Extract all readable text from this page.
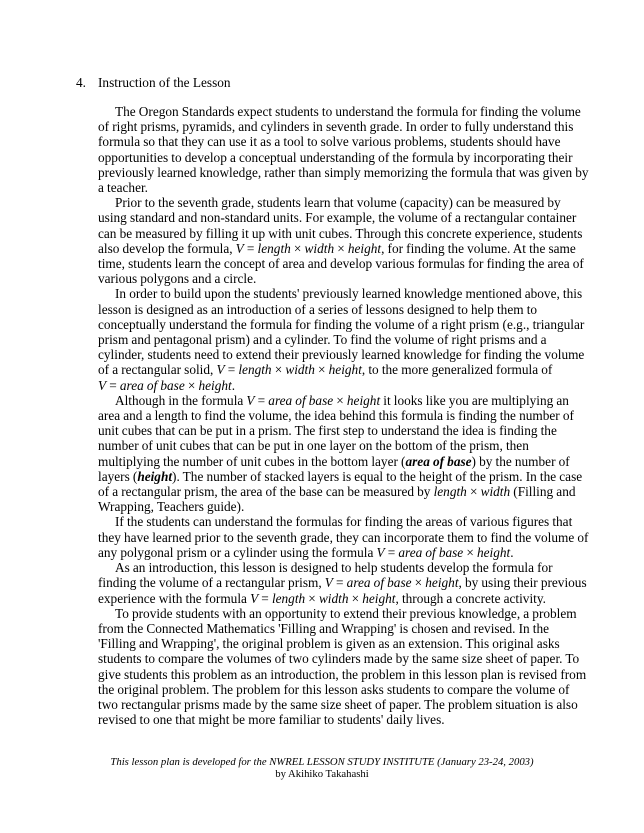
4. Instruction of the Lesson

The Oregon Standards expect students to understand the formula for finding the volume
of right prisms, pyramids, and cylinders in seventh grade. In order to fully understand this
formula so that they can use it as a tool to solve various problems, students should have
opportunities to develop a conceptual understanding of the formula by incorporating their
previously learned knowledge, rather than simply memorizing the formula that was given by
a teacher.

Prior to the seventh grade, students learn that volume (capacity) can be measured by
using standard and non-standard units. For example, the volume of a rectangular container
can be measured by filling it up with unit cubes. Through this concrete experience, students
also develop the formula, V = length × width × height, for finding the volume. At the same
time, students learn the concept of area and develop various formulas for finding the area of
various polygons and a circle.

In order to build upon the students' previously learned knowledge mentioned above, this
lesson is designed as an introduction of a series of lessons designed to help them to
conceptually understand the formula for finding the volume of a right prism (e.g., triangular
prism and pentagonal prism) and a cylinder. To find the volume of right prisms and a
cylinder, students need to extend their previously learned knowledge for finding the volume
of a rectangular solid, V = length × width × height, to the more generalized formula of
V = area of base × height.

Although in the formula V = area of base × height it looks like you are multiplying an
area and a length to find the volume, the idea behind this formula is finding the number of
unit cubes that can be put in a prism. The first step to understand the idea is finding the
number of unit cubes that can be put in one layer on the bottom of the prism, then
multiplying the number of unit cubes in the bottom layer (area of base) by the number of
layers (height). The number of stacked layers is equal to the height of the prism. In the case
of a rectangular prism, the area of the base can be measured by length × width (Filling and
Wrapping, Teachers guide).

If the students can understand the formulas for finding the areas of various figures that
they have learned prior to the seventh grade, they can incorporate them to find the volume of
any polygonal prism or a cylinder using the formula V = area of base × height.

As an introduction, this lesson is designed to help students develop the formula for
finding the volume of a rectangular prism, V = area of base × height, by using their previous
experience with the formula V = length × width × height, through a concrete activity.

To provide students with an opportunity to extend their previous knowledge, a problem
from the Connected Mathematics 'Filling and Wrapping' is chosen and revised. In the
'Filling and Wrapping', the original problem is given as an extension. This original asks
students to compare the volumes of two cylinders made by the same size sheet of paper. To
give students this problem as an introduction, the problem in this lesson plan is revised from
the original problem. The problem for this lesson asks students to compare the volume of
two rectangular prisms made by the same size sheet of paper. The problem situation is also
revised to one that might be more familiar to students' daily lives.

This lesson plan is developed for the NWREL LESSON STUDY INSTITUTE (January 23-24, 2003)
by Akihiko Takahashi
